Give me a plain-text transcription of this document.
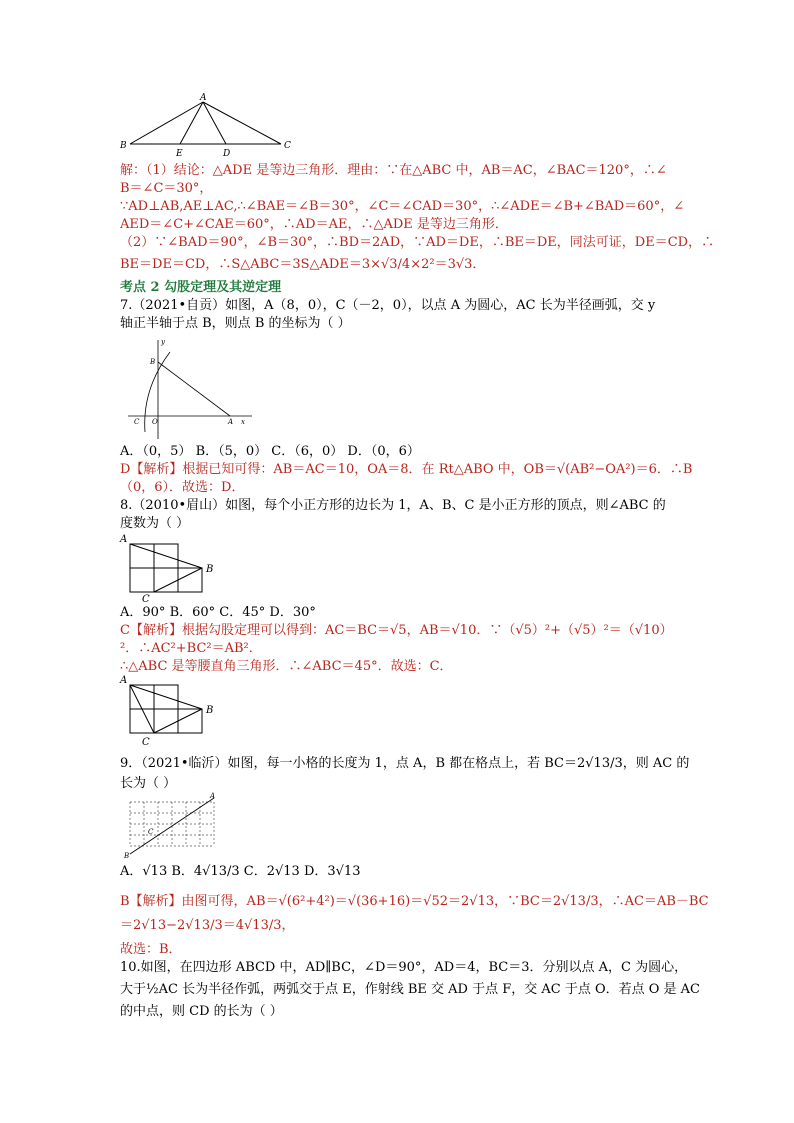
A
B	C
E	D
解：（1）结论：△ADE 是等边三角形．理由：∵在△ABC 中，AB＝AC，∠BAC＝120°，∴∠
B＝∠C＝30°，
∵AD⊥AB,AE⊥AC,∴∠BAE＝∠B＝30°，∠C＝∠CAD＝30°，∴∠ADE＝∠B+∠BAD＝60°，∠
AED＝∠C+∠CAE＝60°，∴AD＝AE，∴△ADE 是等边三角形．
（2）∵∠BAD＝90°，∠B＝30°，∴BD＝2AD，∵AD＝DE，∴BE＝DE，同法可证，DE＝CD，∴
BE＝DE＝CD，∴S△ABC＝3S△ADE＝3×√3/4×2²＝3√3．
考点 2 勾股定理及其逆定理
7.（2021•自贡）如图，A（8，0），C（－2，0），以点 A 为圆心，AC 长为半径画弧，交 y
轴正半轴于点 B，则点 B 的坐标为（ ）
B
C O	A x
y
A．（0，5） B．（5，0） C．（6，0） D．（0，6）
D【解析】根据已知可得：AB＝AC＝10，OA＝8．在 Rt△ABO 中，OB＝√(AB²−OA²)＝6．∴B
（0，6）．故选：D．
8.（2010•眉山）如图，每个小正方形的边长为 1，A、B、C 是小正方形的顶点，则∠ABC 的
度数为（ ）
A
B
C
A．90° B．60° C．45° D．30°
C【解析】根据勾股定理可以得到：AC＝BC＝√5，AB＝√10．∵（√5）²+（√5）²＝（√10）
²．∴AC²+BC²＝AB²．
∴△ABC 是等腰直角三角形．∴∠ABC＝45°．故选：C．
A
B
C
9．（2021•临沂）如图，每一小格的长度为 1，点 A，B 都在格点上，若 BC＝2√13/3，则 AC 的
长为（ ）
A
B
C
A．√13 B．4√13/3 C．2√13 D．3√13
B【解析】由图可得，AB＝√(6²+4²)＝√(36+16)＝√52＝2√13，∵BC＝2√13/3，∴AC＝AB－BC
＝2√13−2√13/3＝4√13/3，
故选：B．
10.如图，在四边形 ABCD 中，AD∥BC，∠D＝90°，AD＝4，BC＝3．分别以点 A，C 为圆心，
大于½AC 长为半径作弧，两弧交于点 E，作射线 BE 交 AD 于点 F，交 AC 于点 O．若点 O 是 AC
的中点，则 CD 的长为（ ）
